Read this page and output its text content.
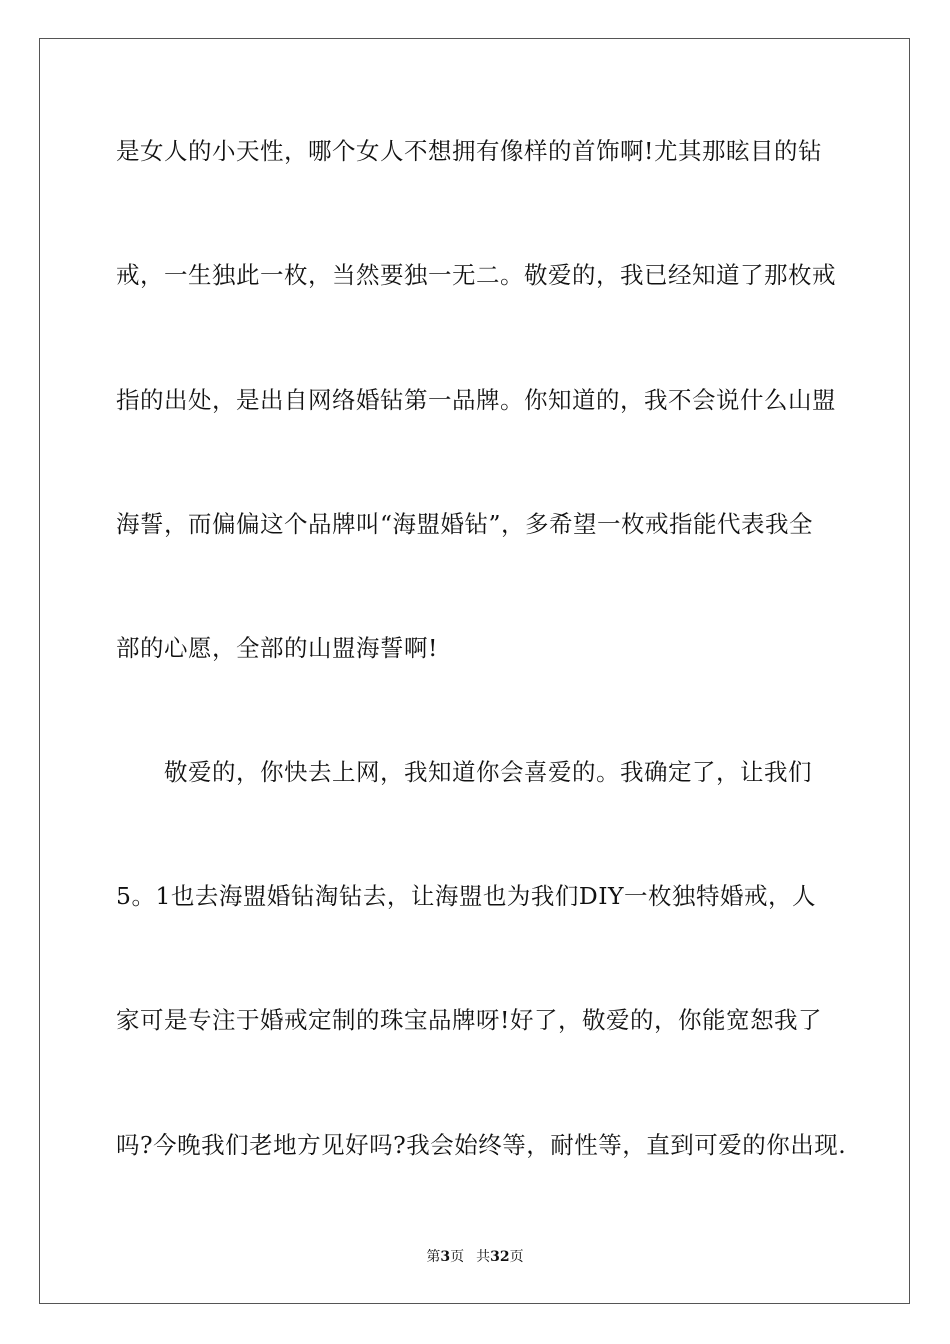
是女人的小天性，哪个女人不想拥有像样的首饰啊!尤其那眩目的钻
戒，一生独此一枚，当然要独一无二。敬爱的，我已经知道了那枚戒
指的出处，是出自网络婚钻第一品牌。你知道的，我不会说什么山盟
海誓，而偏偏这个品牌叫“海盟婚钻”，多希望一枚戒指能代表我全
部的心愿，全部的山盟海誓啊!
敬爱的，你快去上网，我知道你会喜爱的。我确定了，让我们
5。1也去海盟婚钻淘钻去，让海盟也为我们DIY一枚独特婚戒，人
家可是专注于婚戒定制的珠宝品牌呀!好了，敬爱的，你能宽恕我了
吗?今晚我们老地方见好吗?我会始终等，耐性等，直到可爱的你出现.
第3页 共32页
